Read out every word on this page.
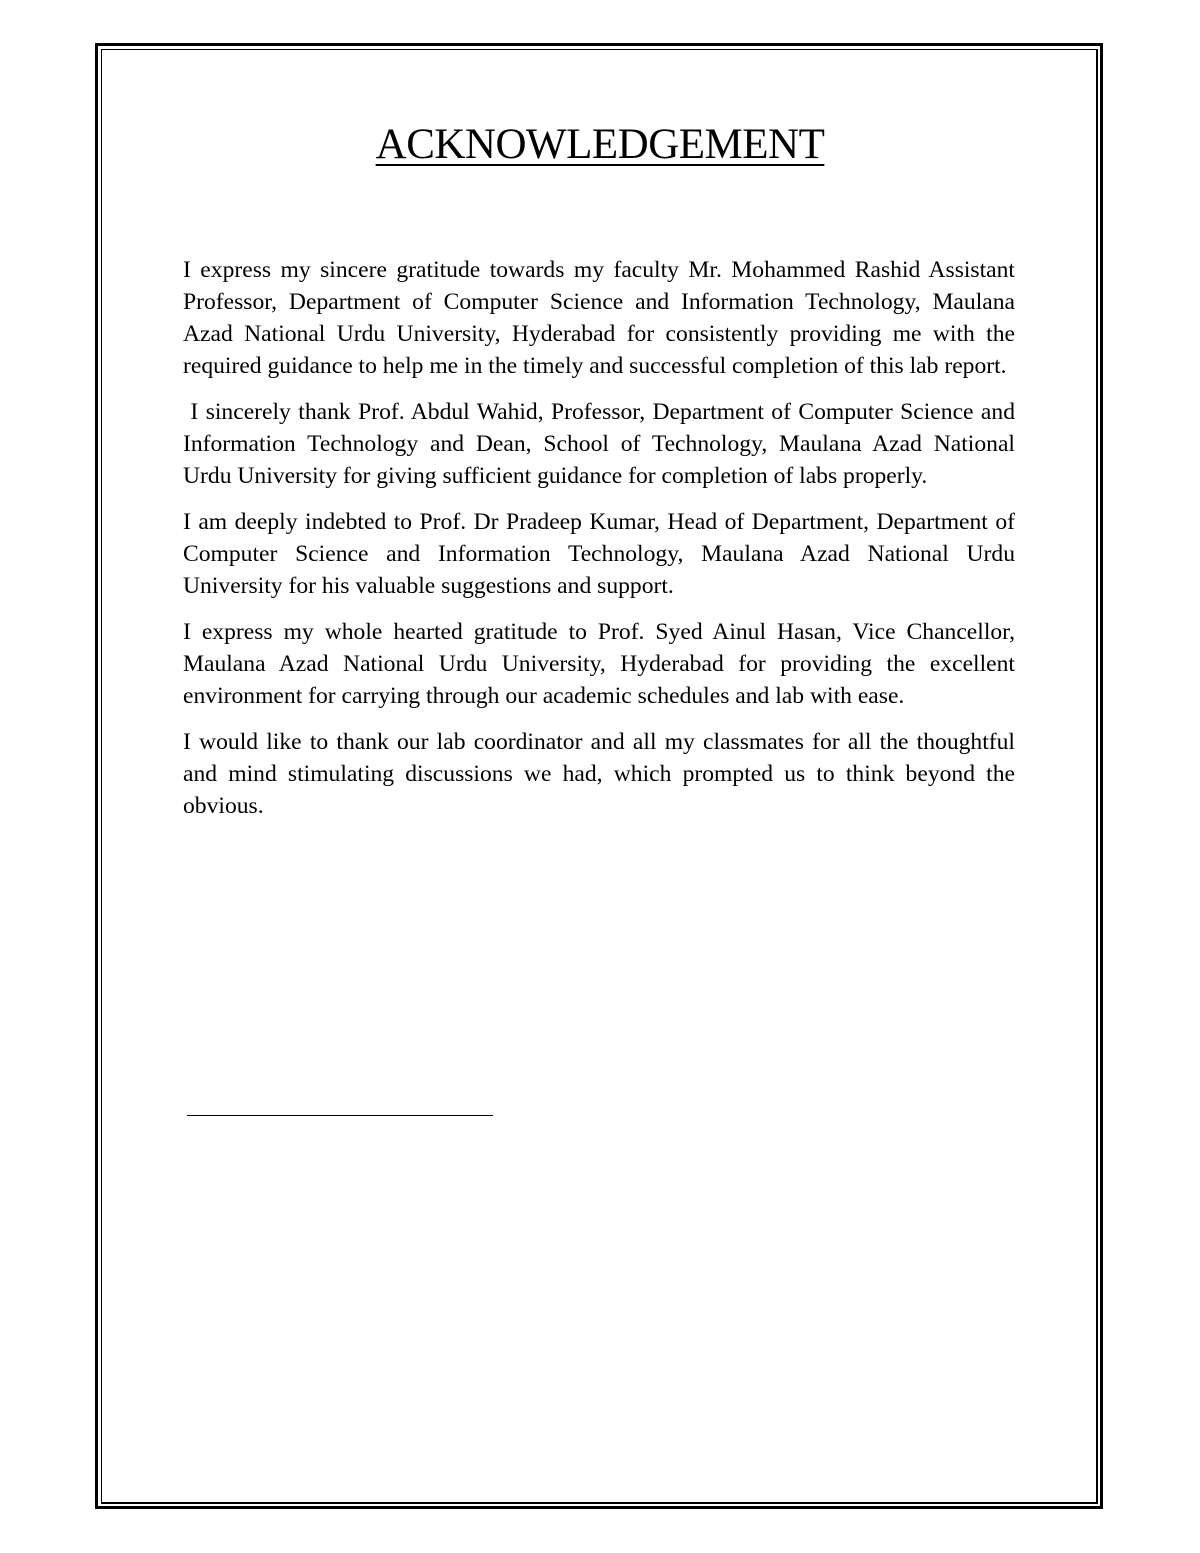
ACKNOWLEDGEMENT

I express my sincere gratitude towards my faculty Mr. Mohammed Rashid Assistant Professor, Department of Computer Science and Information Technology, Maulana Azad National Urdu University, Hyderabad for consistently providing me with the required guidance to help me in the timely and successful completion of this lab report.

I sincerely thank Prof. Abdul Wahid, Professor, Department of Computer Science and Information Technology and Dean, School of Technology, Maulana Azad National Urdu University for giving sufficient guidance for completion of labs properly.

I am deeply indebted to Prof. Dr Pradeep Kumar, Head of Department, Department of Computer Science and Information Technology, Maulana Azad National Urdu University for his valuable suggestions and support.

I express my whole hearted gratitude to Prof. Syed Ainul Hasan, Vice Chancellor, Maulana Azad National Urdu University, Hyderabad for providing the excellent environment for carrying through our academic schedules and lab with ease.

I would like to thank our lab coordinator and all my classmates for all the thoughtful and mind stimulating discussions we had, which prompted us to think beyond the obvious.
